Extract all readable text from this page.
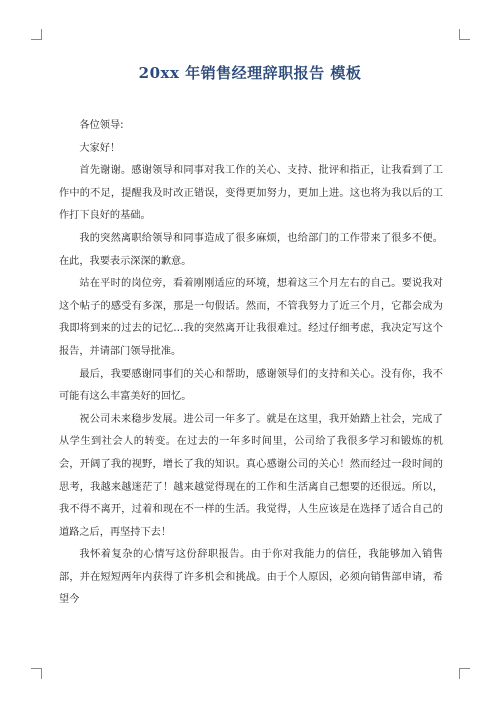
20xx 年销售经理辞职报告 模板

各位领导:

大家好！

首先谢谢。感谢领导和同事对我工作的关心、支持、批评和指正，让我看到了工作中的不足，提醒我及时改正错误，变得更加努力，更加上进。这也将为我以后的工作打下良好的基础。

我的突然离职给领导和同事造成了很多麻烦，也给部门的工作带来了很多不便。在此，我要表示深深的歉意。

站在平时的岗位旁，看着刚刚适应的环境，想着这三个月左右的自己。要说我对这个帖子的感受有多深，那是一句假话。然而，不管我努力了近三个月，它都会成为我即将到来的过去的记忆…我的突然离开让我很难过。经过仔细考虑，我决定写这个报告，并请部门领导批准。

最后，我要感谢同事们的关心和帮助，感谢领导们的支持和关心。没有你，我不可能有这么丰富美好的回忆。

祝公司未来稳步发展。进公司一年多了。就是在这里，我开始踏上社会，完成了从学生到社会人的转变。在过去的一年多时间里，公司给了我很多学习和锻炼的机会，开阔了我的视野，增长了我的知识。真心感谢公司的关心！然而经过一段时间的思考，我越来越迷茫了！越来越觉得现在的工作和生活离自己想要的还很远。所以，我不得不离开，过着和现在不一样的生活。我觉得，人生应该是在选择了适合自己的道路之后，再坚持下去！

我怀着复杂的心情写这份辞职报告。由于你对我能力的信任，我能够加入销售部，并在短短两年内获得了许多机会和挑战。由于个人原因，必须向销售部申请，希望今
